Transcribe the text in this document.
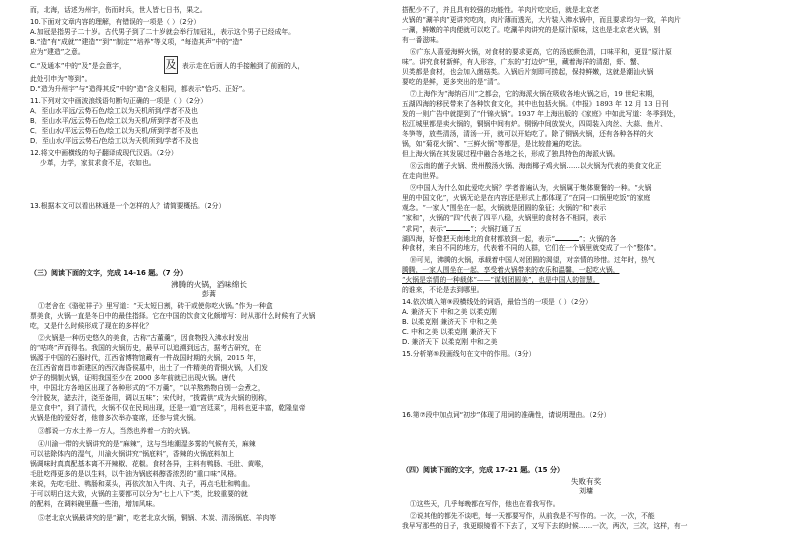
而，北海，话述为州宇，伤而时兵，世人皆七日书，果之。
10.下面对文章内容的理解，有错误的一项是（ ）（2分）
A.加冠是指男子二十岁。古代男子到了二十岁就会举行加冠礼，表示这个男子已经成年。
B.“造”有“成就”“建造”“到”“制定”“培养”等义项，“每造其声”中的“造”
应为“建造”之意。
C.“及通本”中的“及”是会意字，	及 表示走在后面人的手接触到了前面的人，
此处引申为“等到”。
D.“造为升州宇”与“造得其反”中的“造”含义相同，都表示“恰巧、正好”。
11.下列对文中画波浪线语句断句正确的一项是（ ）（2分）
A．至山水平远/云势石色/绘工以为天机所到/学者不及也
B．至山水平/远云势石色/绘工以为天机/所到学者不及也
C．至山水/平远云势石色/绘工以为天机/所到学者不及也
D．至山水/平远云势石/色绘工以为天机所到/学者不及也
12.将文中画横线的句子翻译成现代汉语。（2分）
少革，力学，家贫求食不足，衣如也。
13.根据本文可以看出林通是一个怎样的人？请简要概括。（2分）
（三）阅读下面的文字，完成 14-16 题。（7 分）
沸腾的火锅，滔味绵长
彭蒿
①老舍在《骆驼祥子》里写道：“天太短日割，砖干或使你吃火锅。”作为一种盒
票美食，火锅一直是冬日中的最佳指择。它在中国的饮食文化颇增写：时从那什么时候有了火锅
吃，又是什么时候形成了现在的多样化？
②火锅是一种历史悠久的美食，古称“古董羹”，因食物投入沸水时发出
的“咕咚”声而得名。我国的火锅历史，最早可以追溯到远古，据考古研究，在
锅源于中国的石器时代，江西省博物馆藏有一件战国时期的火锅，2015 年，
在江西省南昌市新建区的西汉海昏侯墓中，出土了一件精美的青铜火锅，人们发
炉子的铜制火锅，证明我国至少在 2000 多年前就已出现火锅。唐代
中，中国北方各地区出现了各种形式的“不万羹”，“以羊熬熟物自别一会煮之，
令汁脱灰，滤去汁，浇至备用，调以五味”；宋代时，“拨霞供”成为火锅的别称，
是立食中”，到了清代，火锅不仅在民间出现，还是一道“宫廷菜”，用料也更丰富，乾隆皇帝
火锅是他的爱好者，他曾多次举办宴席，还参与赏火锅。
③都说一方水土养一方人，当然也养着一方的火锅。
④川渝一带的火锅讲究的是“麻辣”，这与当地潮湿多雾的气候有关，麻辣
可以祛除体内的湿气，川渝火锅讲究“锅底料”，香辣的火锅底料加上
锅调味时真真配基本离不开辣椒、花椒。食材各异，主料有鸭肠、毛肚、黄喉，
毛肚吃得更多的是以生料，以牛油为锅底料醇香浓烈的“重口味”风格。
来说，先吃毛肚、鸭肠和菜头，再依次加入牛肉、丸子，再点毛肚和鸭血。
于可以明白这大致，火锅的主要都可以分为“七上八下”类，比较重要的就
的配料，在调料碗里蘸一些油，增加风味。
⑤老北京火锅最讲究的是“涮”，吃老北京火锅，铜锅、木炭、清汤锅底、羊肉等
搭配少不了，并且具有较强的功能性。羊肉片吃完后，就是北京老
火锅的“涮羊肉”更讲究吃肉，肉片薄而透光，大片装入沸水锅中，而且要求均匀一致，羊肉片
一涮，鲜嫩的羊肉便就可以吃了。吃涮羊肉讲究的是原汁原味，这也是北京老火锅，别
有一番滋味。
⑥广东人喜爱海鲜火锅，对食材的要求更高，它的汤底颜色清，口味平和，更显“原汁原
味”。讲究食材新鲜，有人形容，广东的“打边炉”里，藏着海洋的清甜，虾、蟹、
贝类都是食材，也会加入菌菇类。入锅后片刻即可捞起，保持鲜嫩，这就是潮汕火锅
要吃的是鲜，更多突出的是“清”。
⑦上海作为“海纳百川”之都会，它的海派火锅在吸收各地火锅之后，19 世纪末期，
五湖四海的移民带来了各种饮食文化，其中也包括火锅。《申报》1893 年 12 月 13 日刊
发的一则广告中就提到了“什锦火锅”。1937 年上海出版的《家庭》中如此写道：冬季到处，
松江城里都是卖火锅的，铜锅中间有炉。铜锅中间放炭火，四周装入肉丝、大蒜、鱼片、
冬笋等，放些清汤，清汤一开，就可以开始吃了。除了铜锅火锅，还有各种各样的火
锅，如“菊花火锅”、“三鲜火锅”等都是，是比较普遍的吃法。
但上海火锅在其发展过程中融合各地之长，形成了独具特色的海派火锅。
⑧云南的菌子火锅、贵州酸汤火锅、海南椰子鸡火锅……以火锅为代表的美食文化正
在走向世界。
⑨中国人为什么如此爱吃火锅？学者普遍认为，火锅属于集体聚餐的一种。“火锅
里的中国文化”，火锅无论是在内容还是形式上都体现了“在同一口锅里吃饭”的家庭
观念。“一家人”围坐在一起，火锅就是团圆的象征；火锅的“和”表示
“家和”，火锅的“四”代表了四平八稳，火锅里的食材各不相同，表示
“求同”，表示“	”；火锅打通了五
湖四海，好像把天南地北的食材都放到一起，表示“	”；火锅的各
种食材，来自不同的地方，代表着不同的人群，它们在一个锅里就变成了一个“整体”。
⑩可见，沸腾的火锅，承载着中国人对团圆的渴望，对亲情的珍惜。过年时，热气
腾腾，一家人围坐在一起，享受着火锅带来的欢乐和温馨，一起吃火锅，
“火锅是亲情的一种载体”——“谋划团圆美”，也是中国人的智慧。
的谁来，不论是去到哪里。
14.依次填入第⑨段横线处的词语，最恰当的一项是（ ）（2分）
A. 兼济天下 中和之美 以柔克刚
B. 以柔克刚 兼济天下 中和之美
C. 中和之美 以柔克刚 兼济天下
D. 兼济天下 以柔克刚 中和之美
15.分析第⑤段画线句在文中的作用。（3分）
16.第⑦段中加点词“初步”体现了用词的准确性，请说明理由。（2分）
（四）阅读下面的文字，完成 17-21 题。（15 分）
失败有奖
刘墉
①这些天，几乎每晚都在写作，他也在看我写作。
②说其他的都先不谈吧，每一天都要写作，从前我是不写作的。一次，一次，不能
我早写那些的日子，我更眼镜看不下去了，又写下去的时候……一次，两次，三次，这样，有一
